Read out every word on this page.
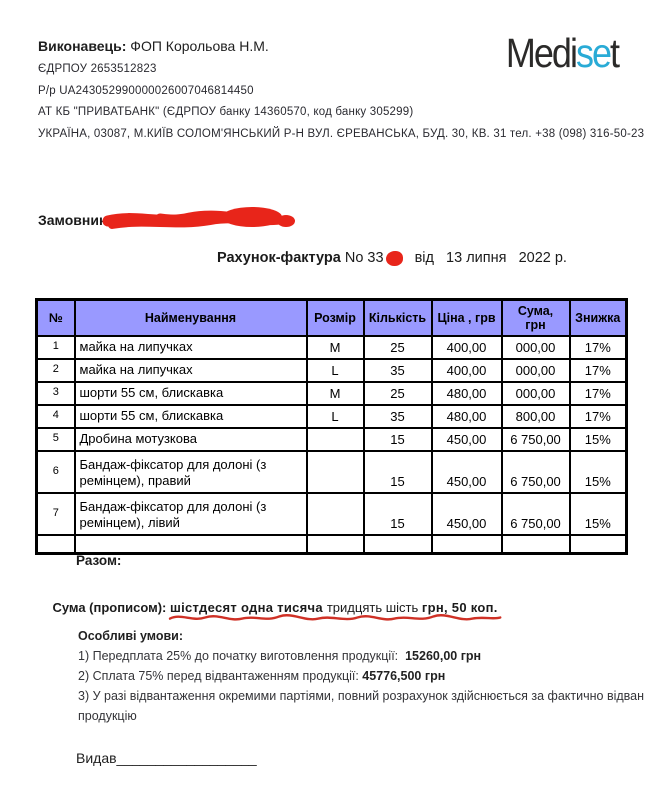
Виконавець: ФОП Корольова Н.М.
ЄДРПОУ 2653512823
Р/р UA243052990000026007046814450
АТ КБ "ПРИВАТБАНК" (ЄДРПОУ банку 14360570, код банку 305299)
УКРАЇНА, 03087, М.КИЇВ СОЛОМ'ЯНСЬКИЙ Р-Н ВУЛ. ЄРЕВАНСЬКА, БУД. 30, КВ. 31 тел. +38 (098) 316-50-23
Mediset
Замовник:
Рахунок-фактура No 33 від   13 липня   2022 р.
№	Найменування	Розмір	Кількість	Ціна , грв	Сума, грн	Знижка
1	майка на липучках	М	25	400,00	000,00	17%
2	майка на липучках	L	35	400,00	000,00	17%
3	шорти 55 см, блискавка	М	25	480,00	000,00	17%
4	шорти 55 см, блискавка	L	35	480,00	800,00	17%
5	Дробина мотузкова		15	450,00	6 750,00	15%
6	Бандаж-фіксатор для долоні (з ремінцем), правий		15	450,00	6 750,00	15%
7	Бандаж-фіксатор для долоні (з ремінцем), лівий		15	450,00	6 750,00	15%

Разом:

Сума (прописом): шістдесят одна тисяча тридцять шість грн, 50 коп.

Особливі умови:
1) Передплата 25% до початку виготовлення продукції:  15260,00 грн
2) Сплата 75% перед відвантаженням продукції: 45776,500 грн
3) У разі відвантаження окремими партіями, повний розрахунок здійснюється за фактично відван
продукцію
Видав__________________
